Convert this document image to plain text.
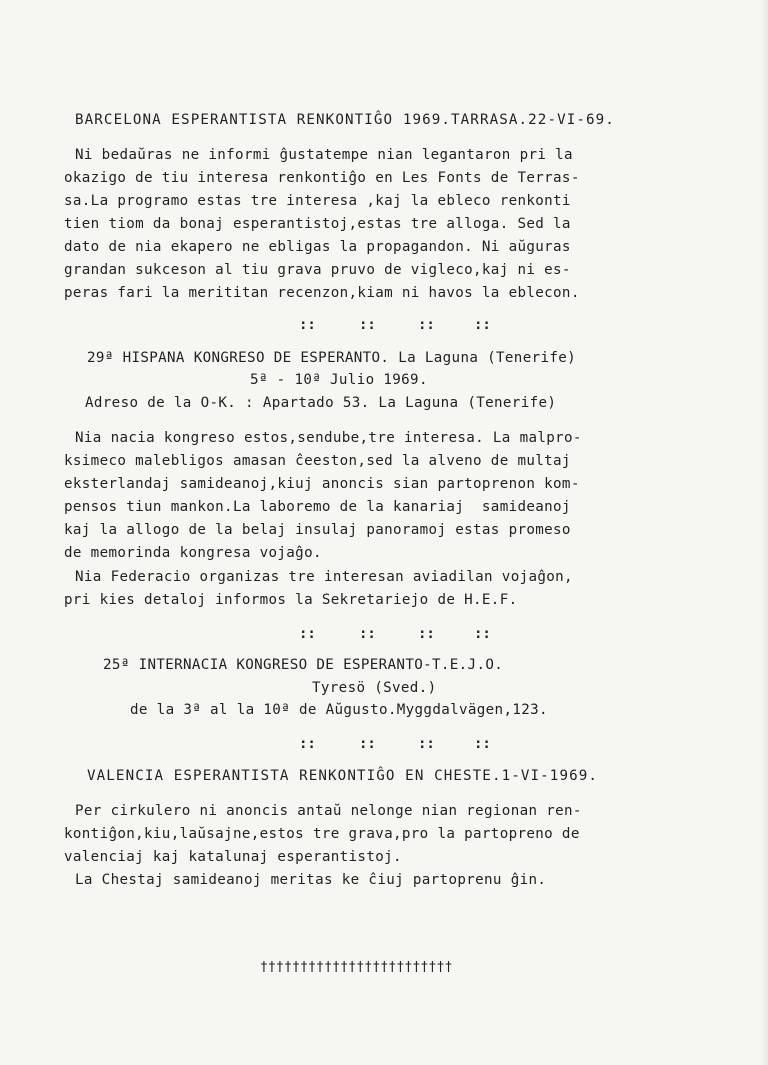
BARCELONA ESPERANTISTA RENKONTIĜO 1969.TARRASA.22-VI-69.
Ni bedaŭras ne informi ĝustatempe nian legantaron pri la
okazigo de tiu interesa renkontiĝo en Les Fonts de Terras-
sa.La programo estas tre interesa ,kaj la ebleco renkonti
tien tiom da bonaj esperantistoj,estas tre alloga. Sed la
dato de nia ekapero ne ebligas la propagandon. Ni aŭguras
grandan sukceson al tiu grava pruvo de vigleco,kaj ni es-
peras fari la merititan recenzon,kiam ni havos la eblecon.

::

	::

	::

	::

29ª HISPANA KONGRESO DE ESPERANTO. La Laguna (Tenerife)
5ª - 10ª Julio 1969.
Adreso de la O-K. : Apartado 53. La Laguna (Tenerife)
Nia nacia kongreso estos,sendube,tre interesa. La malpro-
ksimeco malebligos amasan ĉeeston,sed la alveno de multaj
eksterlandaj samideanoj,kiuj anoncis sian partoprenon kom-
pensos tiun mankon.La laboremo de la kanariaj  samideanoj
kaj la allogo de la belaj insulaj panoramoj estas promeso
de memorinda kongresa vojaĝo.
Nia Federacio organizas tre interesan aviadilan vojaĝon,
pri kies detaloj informos la Sekretariejo de H.E.F.

::

	::

	::

	::

25ª INTERNACIA KONGRESO DE ESPERANTO-T.E.J.O.
Tyresö (Sved.)
de la 3ª al la 10ª de Aŭgusto.Myggdalvägen,123.

::

	::

	::

	::

VALENCIA ESPERANTISTA RENKONTIĜO EN CHESTE.1-VI-1969.
Per cirkulero ni anoncis antaŭ nelonge nian regionan ren-
kontiĝon,kiu,laŭsajne,estos tre grava,pro la partopreno de
valenciaj kaj katalunaj esperantistoj.
La Chestaj samideanoj meritas ke ĉiuj partoprenu ĝin.
††††††††††††††††††††††††
